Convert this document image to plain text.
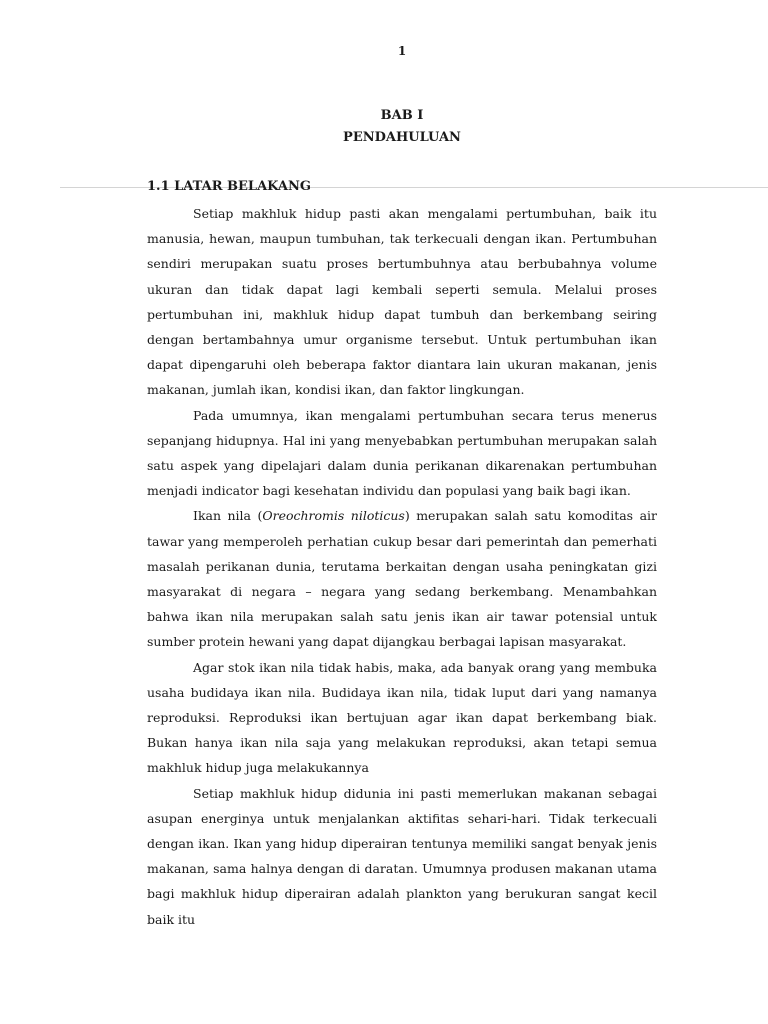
1
BAB I
PENDAHULUAN
1.1 LATAR BELAKANG

Setiap makhluk hidup pasti akan mengalami pertumbuhan, baik itu manusia, hewan, maupun tumbuhan, tak terkecuali dengan ikan. Pertumbuhan sendiri merupakan suatu proses bertumbuhnya atau berbubahnya volume ukuran dan tidak dapat lagi kembali seperti semula. Melalui proses pertumbuhan ini, makhluk hidup dapat tumbuh dan berkembang seiring dengan bertambahnya umur organisme tersebut. Untuk pertumbuhan ikan dapat dipengaruhi oleh beberapa faktor diantara lain ukuran makanan, jenis makanan, jumlah ikan, kondisi ikan, dan faktor lingkungan.

Pada umumnya, ikan mengalami pertumbuhan secara terus menerus sepanjang hidupnya. Hal ini yang menyebabkan pertumbuhan merupakan salah satu aspek yang dipelajari dalam dunia perikanan dikarenakan pertumbuhan menjadi indicator bagi kesehatan individu dan populasi yang baik bagi ikan.

Ikan nila (Oreochromis niloticus) merupakan salah satu komoditas air tawar yang memperoleh perhatian cukup besar dari pemerintah dan pemerhati masalah perikanan dunia, terutama berkaitan dengan usaha peningkatan gizi masyarakat di negara – negara yang sedang berkembang. Menambahkan bahwa ikan nila merupakan salah satu jenis ikan air tawar potensial untuk sumber protein hewani yang dapat dijangkau berbagai lapisan masyarakat.

Agar stok ikan nila tidak habis, maka, ada banyak orang yang membuka usaha budidaya ikan nila. Budidaya ikan nila, tidak luput dari yang namanya reproduksi. Reproduksi ikan bertujuan agar ikan dapat berkembang biak. Bukan hanya ikan nila saja yang melakukan reproduksi, akan tetapi semua makhluk hidup juga melakukannya

Setiap makhluk hidup didunia ini pasti memerlukan makanan sebagai asupan energinya untuk menjalankan aktifitas sehari-hari. Tidak terkecuali dengan ikan. Ikan yang hidup diperairan tentunya memiliki sangat benyak jenis makanan, sama halnya dengan di daratan. Umumnya produsen makanan utama bagi makhluk hidup diperairan adalah plankton yang berukuran sangat kecil baik itu
